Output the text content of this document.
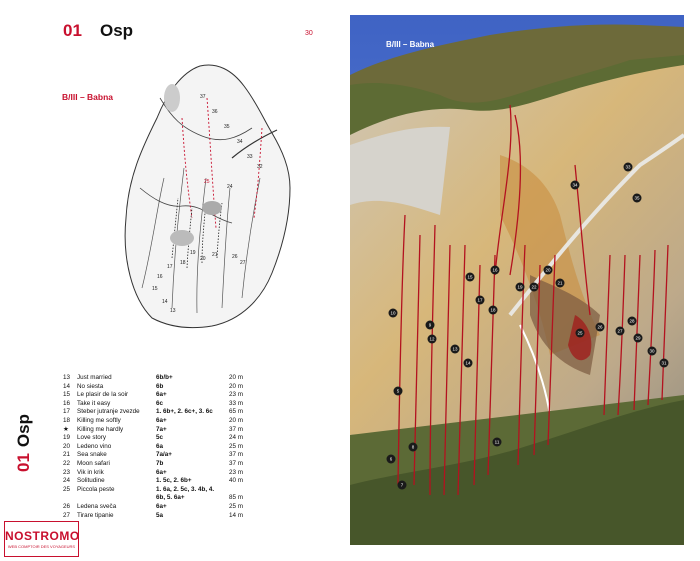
01 Osp	30
B/III – Babna	37
36
35
34
33
32
25
24
27
26
21
20
19
18
17
16
15
14
13
01Osp
NOSTROMO
WEB COMPTOIR DES VOYAGEURS
13	Just married	6b/b+	20 m
14	No siesta	6b	20 m
15	Le plasir de la soir	6a+	23 m
16	Take it easy	6c	33 m
17	Steber jutranje zvezde	1. 6b+, 2. 6c+, 3. 6c	65 m
18	Killing me softly	6a+	20 m
★	Killing me hardly	7a+	37 m
19	Love story	5c	24 m
20	Ledeno vino	6a	25 m
21	Sea snake	7a/a+	37 m
22	Moon safari	7b	37 m
23	Vik in krik	6a+	23 m
24	Solitudine	1. 5c, 2. 6b+	40 m
25	Piccola peste	1. 6a, 2. 5c, 3. 4b, 4. 6b, 5. 6a+	85 m
26	Ledena sveča	6a+	25 m
27	Tirare tipanie	5a	14 m
34
35
33
12
15
16
17
18
19
13
14
22
20
21
25
26
27
28
29
30
31
5
6
7
8
9
10
11
B/III – Babna
